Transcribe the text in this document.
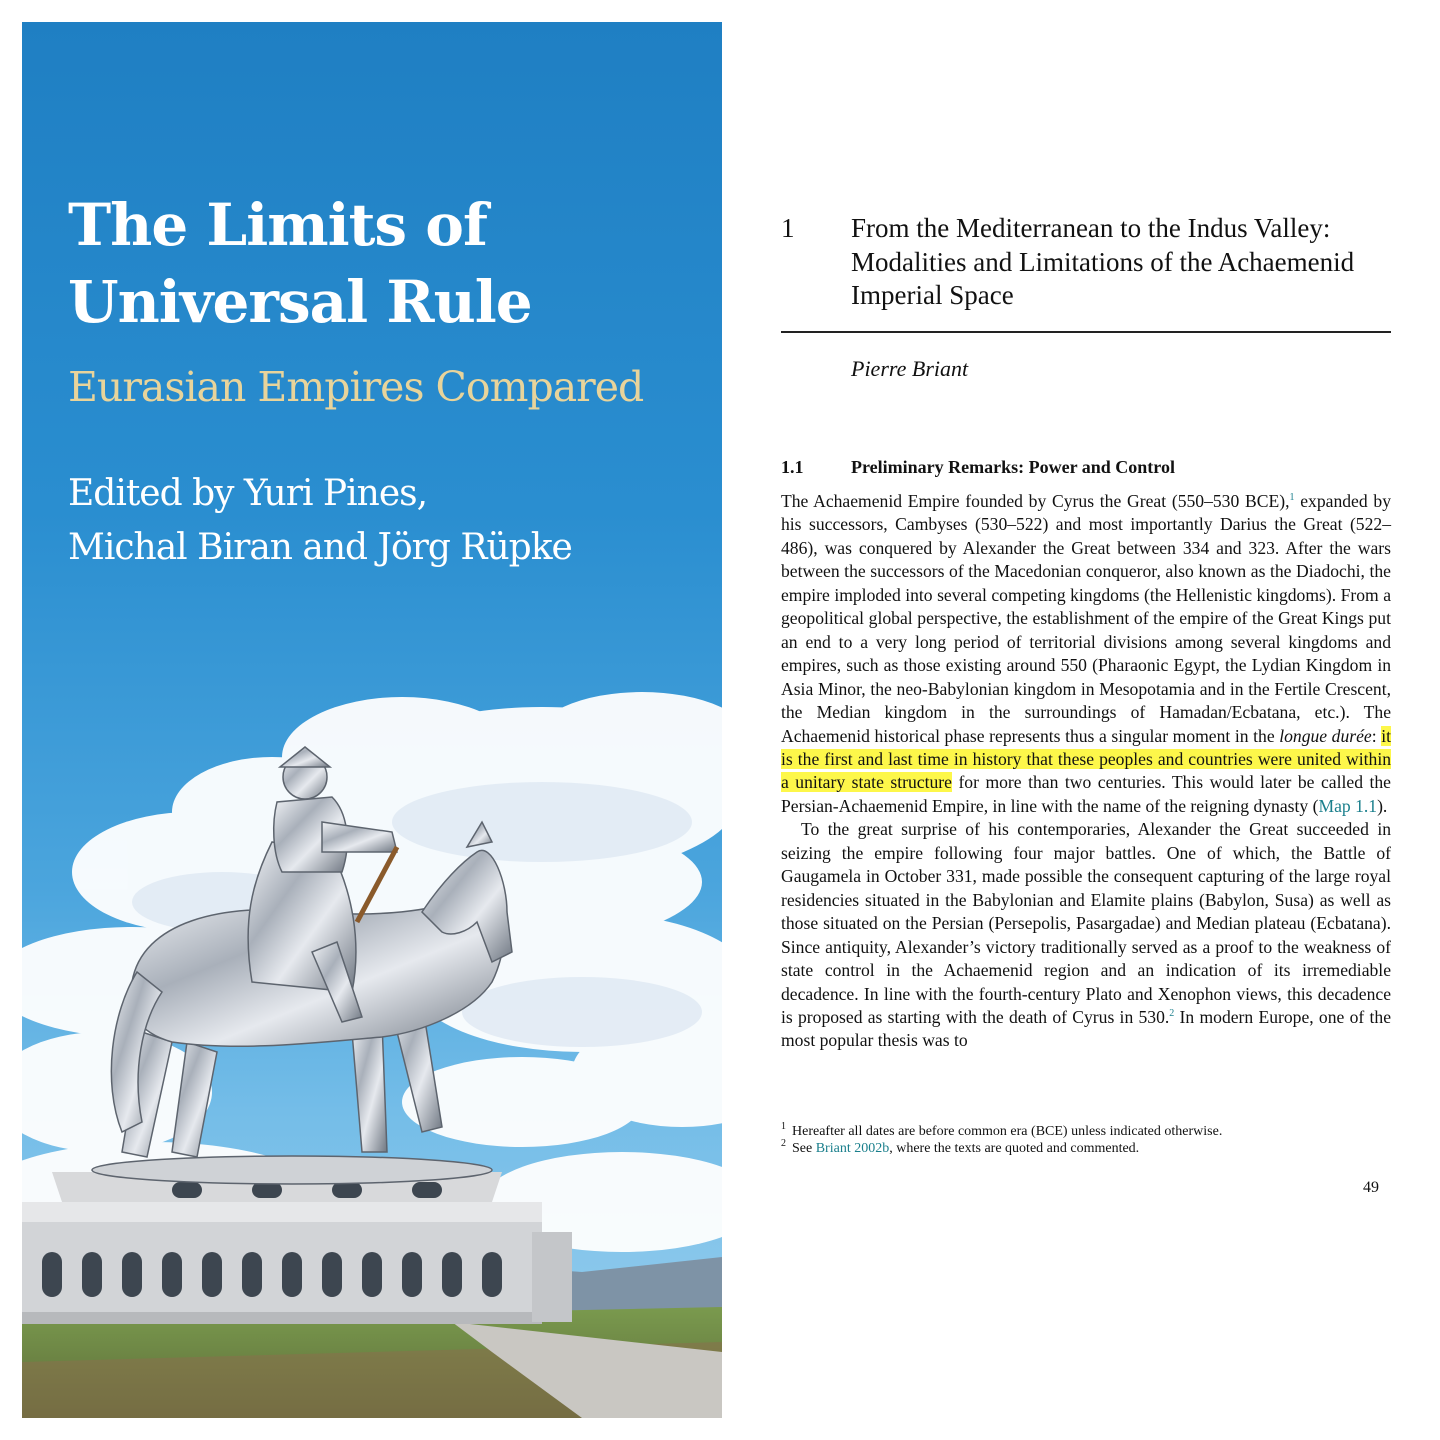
The Limits of
Universal Rule
Eurasian Empires Compared
Edited by Yuri Pines,
Michal Biran and Jörg Rüpke
1 From the Mediterranean to the Indus Valley:
Modalities and Limitations of the Achaemenid
Imperial Space
Pierre Briant
1.1	Preliminary Remarks: Power and Control

The Achaemenid Empire founded by Cyrus the Great (550–530 BCE),$^1$ expanded by his successors, Cambyses (530–522) and most importantly Darius the Great (522–486), was conquered by Alexander the Great between 334 and 323. After the wars between the successors of the Macedonian conqueror, also known as the Diadochi, the empire imploded into several competing kingdoms (the Hellenistic kingdoms). From a geopolitical global perspective, the establishment of the empire of the Great Kings put an end to a very long period of territorial divisions among several kingdoms and empires, such as those existing around 550 (Pharaonic Egypt, the Lydian Kingdom in Asia Minor, the neo-Babylonian kingdom in Mesopotamia and in the Fertile Crescent, the Median kingdom in the surroundings of Hamadan/Ecbatana, etc.). The Achaemenid historical phase represents thus a singular moment in the longue durée: it is the first and last time in history that these peoples and countries were united within a unitary state structure for more than two centuries. This would later be called the Persian-Achaemenid Empire, in line with the name of the reigning dynasty (Map 1.1).

To the great surprise of his contemporaries, Alexander the Great succeeded in seizing the empire following four major battles. One of which, the Battle of Gaugamela in October 331, made possible the consequent capturing of the large royal residencies situated in the Babylonian and Elamite plains (Babylon, Susa) as well as those situated on the Persian (Persepolis, Pasargadae) and Median plateau (Ecbatana). Since antiquity, Alexander’s victory traditionally served as a proof to the weakness of state control in the Achaemenid region and an indication of its irremediable decadence. In line with the fourth-century Plato and Xenophon views, this decadence is proposed as starting with the death of Cyrus in 530.$^2$ In modern Europe, one of the most popular thesis was to

$^1$ Hereafter all dates are before common era (BCE) unless indicated otherwise.
$^2$ See Briant 2002b, where the texts are quoted and commented.
49
